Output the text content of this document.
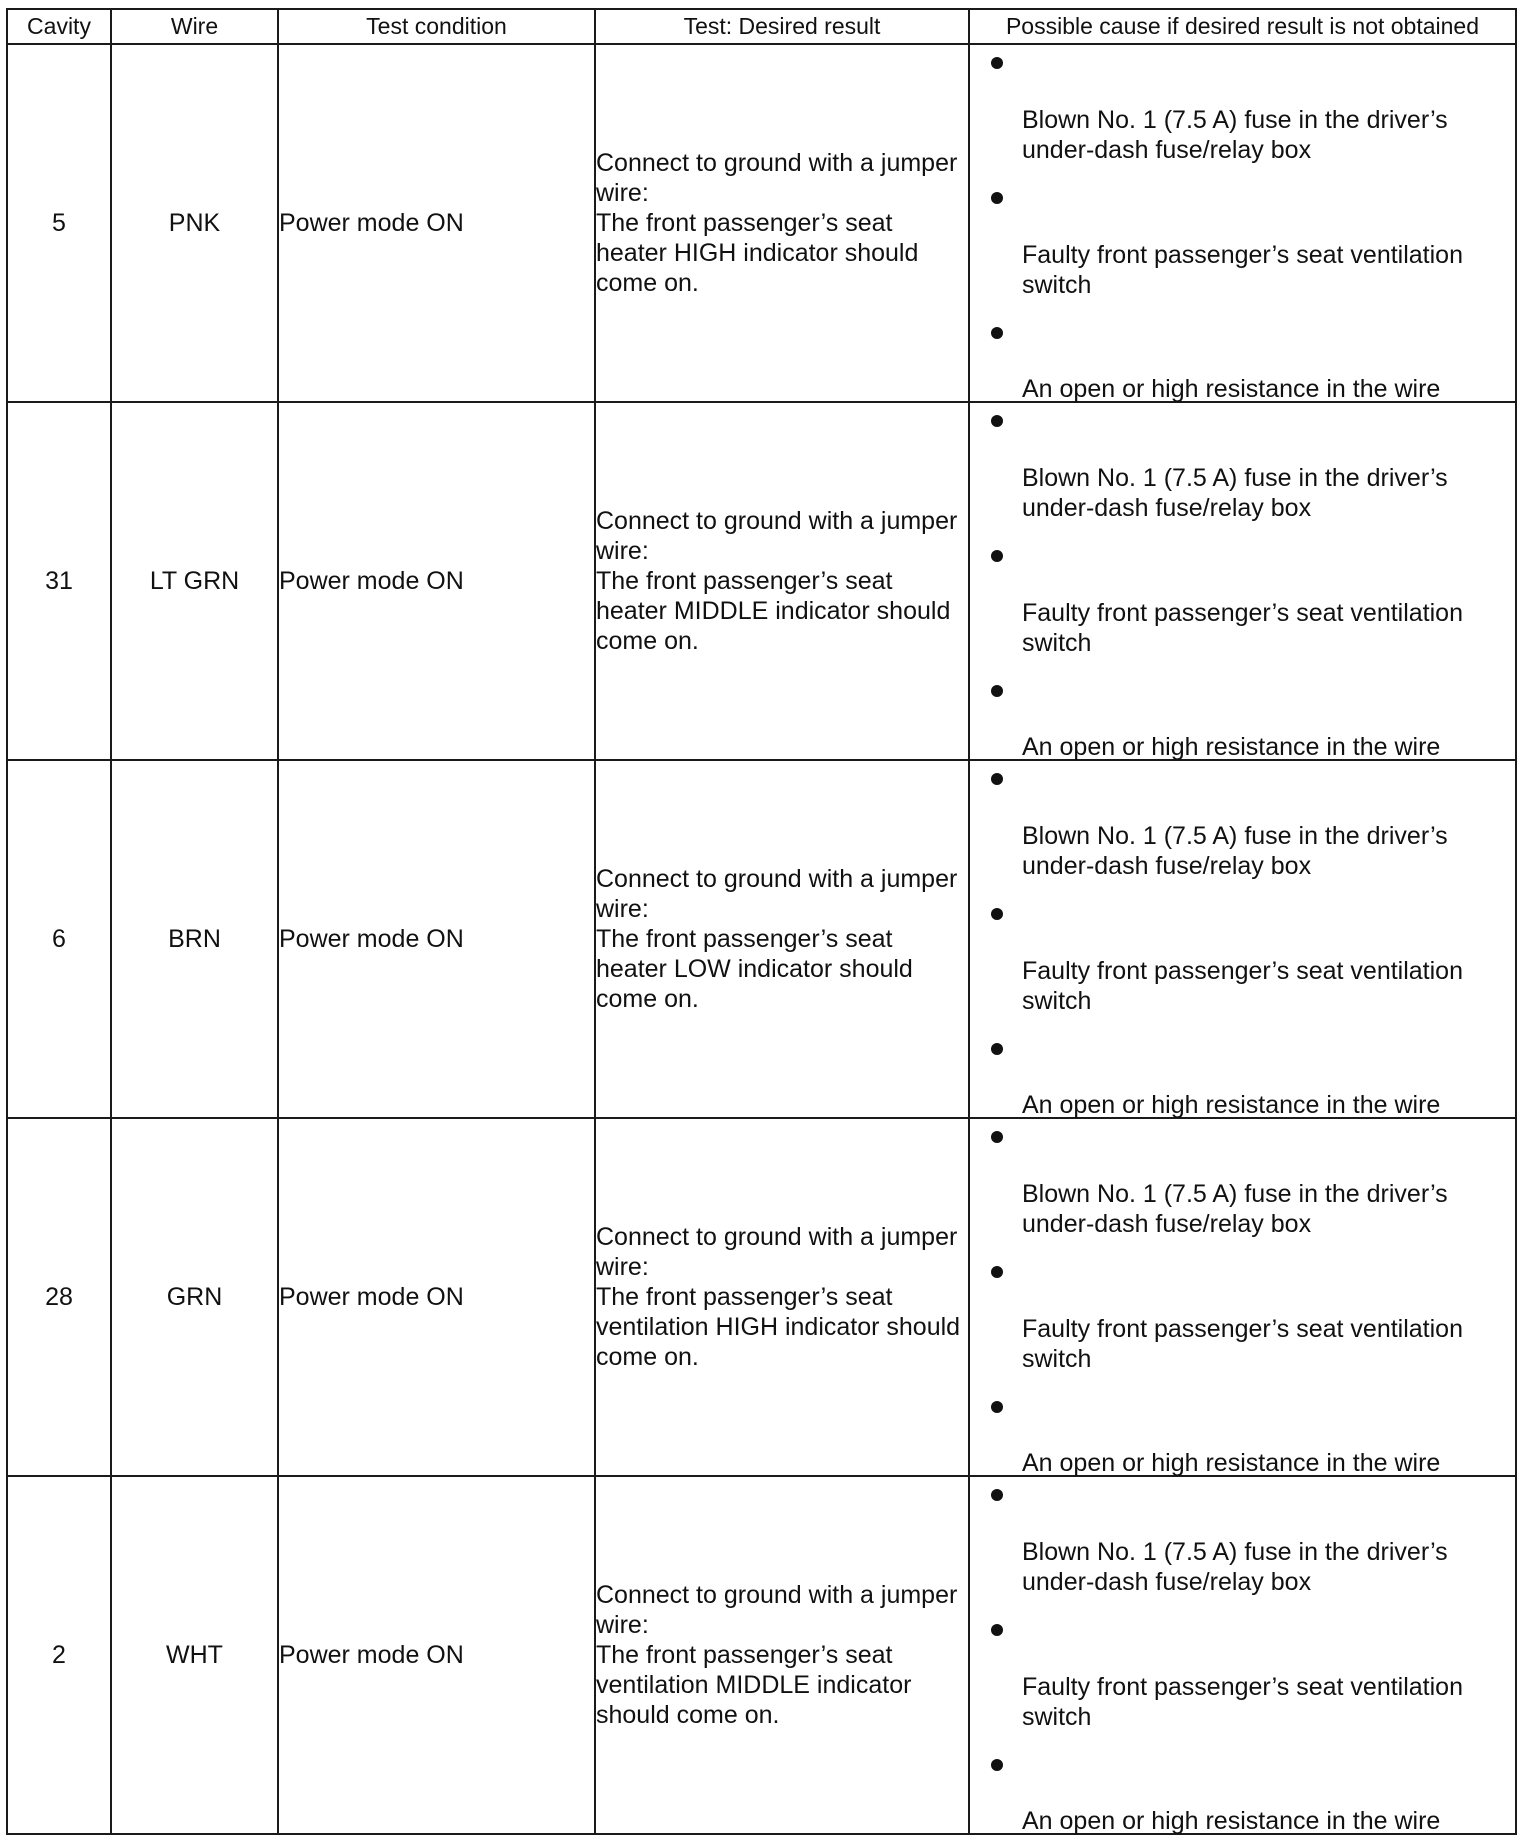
Cavity	Wire	Test condition	Test: Desired result	Possible cause if desired result is not obtained
5	PNK	Power mode ON	Connect to ground with a jumper
wire:
The front passenger’s seat
heater HIGH indicator should
come on.	Blown No. 1 (7.5 A) fuse in the driver’s under-dash fuse/relay box
Faulty front passenger’s seat ventilation switch
An open or high resistance in the wire

31	LT GRN	Power mode ON	Connect to ground with a jumper
wire:
The front passenger’s seat
heater MIDDLE indicator should
come on.	Blown No. 1 (7.5 A) fuse in the driver’s under-dash fuse/relay box
Faulty front passenger’s seat ventilation switch
An open or high resistance in the wire

6	BRN	Power mode ON	Connect to ground with a jumper
wire:
The front passenger’s seat
heater LOW indicator should
come on.	Blown No. 1 (7.5 A) fuse in the driver’s under-dash fuse/relay box
Faulty front passenger’s seat ventilation switch
An open or high resistance in the wire

28	GRN	Power mode ON	Connect to ground with a jumper
wire:
The front passenger’s seat
ventilation HIGH indicator should
come on.	Blown No. 1 (7.5 A) fuse in the driver’s under-dash fuse/relay box
Faulty front passenger’s seat ventilation switch
An open or high resistance in the wire

2	WHT	Power mode ON	Connect to ground with a jumper
wire:
The front passenger’s seat
ventilation MIDDLE indicator
should come on.	Blown No. 1 (7.5 A) fuse in the driver’s under-dash fuse/relay box
Faulty front passenger’s seat ventilation switch
An open or high resistance in the wire
